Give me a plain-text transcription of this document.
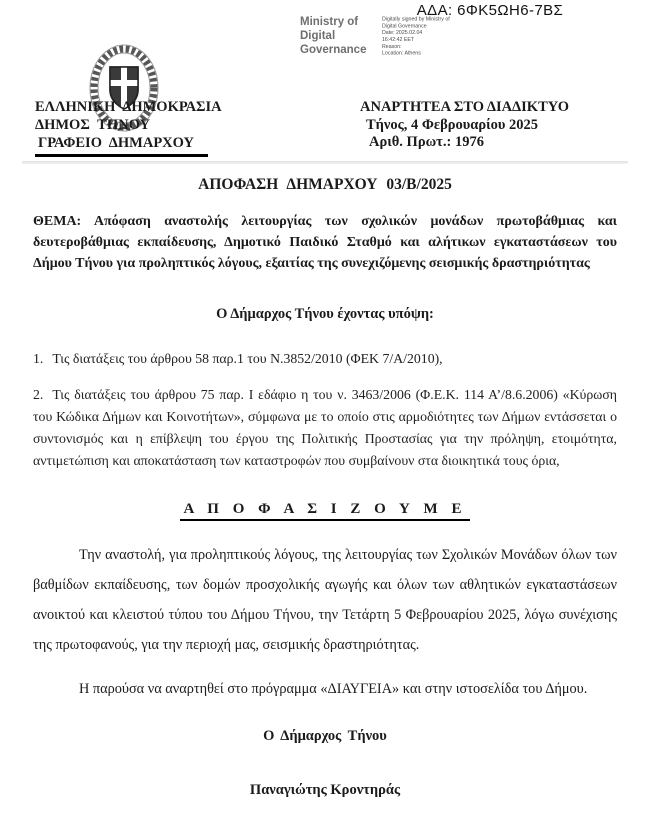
ΑΔΑ: 6ΦΚ5ΩΗ6-7ΒΣ
Ministry of Digital Governance
Digitally signed by Ministry of Digital Governance
Date: 2025.02.04
16:42:42 EET
Reason:
Location: Athens
ΕΛΛΗΝΙΚΗ ΔΗΜΟΚΡΑΣΙΑ
ΔΗΜΟΣ ΤΗΝΟΥ
ΓΡΑΦΕΙΟ ΔΗΜΑΡΧΟΥ
ΑΝΑΡΤΗΤΕΑ ΣΤΟ ΔΙΑΔΙΚΤΥΟ
Τήνος, 4 Φεβρουαρίου 2025
Αριθ. Πρωτ.: 1976
ΑΠΟΦΑΣΗ ΔΗΜΑΡΧΟΥ 03/Β/2025

ΘΕΜΑ: Απόφαση αναστολής λειτουργίας των σχολικών μονάδων πρωτοβάθμιας και δευτεροβάθμιας εκπαίδευσης, Δημοτικό Παιδικό Σταθμό και αλήτικων εγκαταστάσεων του Δήμου Τήνου για προληπτικός λόγους, εξαιτίας της συνεχιζόμενης σεισμικής δραστηριότητας

Ο Δήμαρχος Τήνου έχοντας υπόψη:

1. Τις διατάξεις του άρθρου 58 παρ.1 του Ν.3852/2010 (ΦΕΚ 7/Α/2010),

2. Τις διατάξεις του άρθρου 75 παρ. Ι εδάφιο η του ν. 3463/2006 (Φ.Ε.Κ. 114 Α’/8.6.2006) «Κύρωση του Κώδικα Δήμων και Κοινοτήτων», σύμφωνα με το οποίο στις αρμοδιότητες των Δήμων εντάσσεται ο συντονισμός και η επίβλεψη του έργου της Πολιτικής Προστασίας για την πρόληψη, ετοιμότητα, αντιμετώπιση και αποκατάσταση των καταστροφών που συμβαίνουν στα διοικητικά τους όρια,

Α Π Ο Φ Α Σ Ι Ζ Ο Υ Μ Ε

Την αναστολή, για προληπτικούς λόγους, της λειτουργίας των Σχολικών Μονάδων όλων των βαθμίδων εκπαίδευσης, των δομών προσχολικής αγωγής και όλων των αθλητικών εγκαταστάσεων ανοικτού και κλειστού τύπου του Δήμου Τήνου, την Τετάρτη 5 Φεβρουαρίου 2025, λόγω συνέχισης της πρωτοφανούς, για την περιοχή μας, σεισμικής δραστηριότητας.

Η παρούσα να αναρτηθεί στο πρόγραμμα «ΔΙΑΥΓΕΙΑ» και στην ιστοσελίδα του Δήμου.

Ο Δήμαρχος Τήνου
Παναγιώτης Κροντηράς
